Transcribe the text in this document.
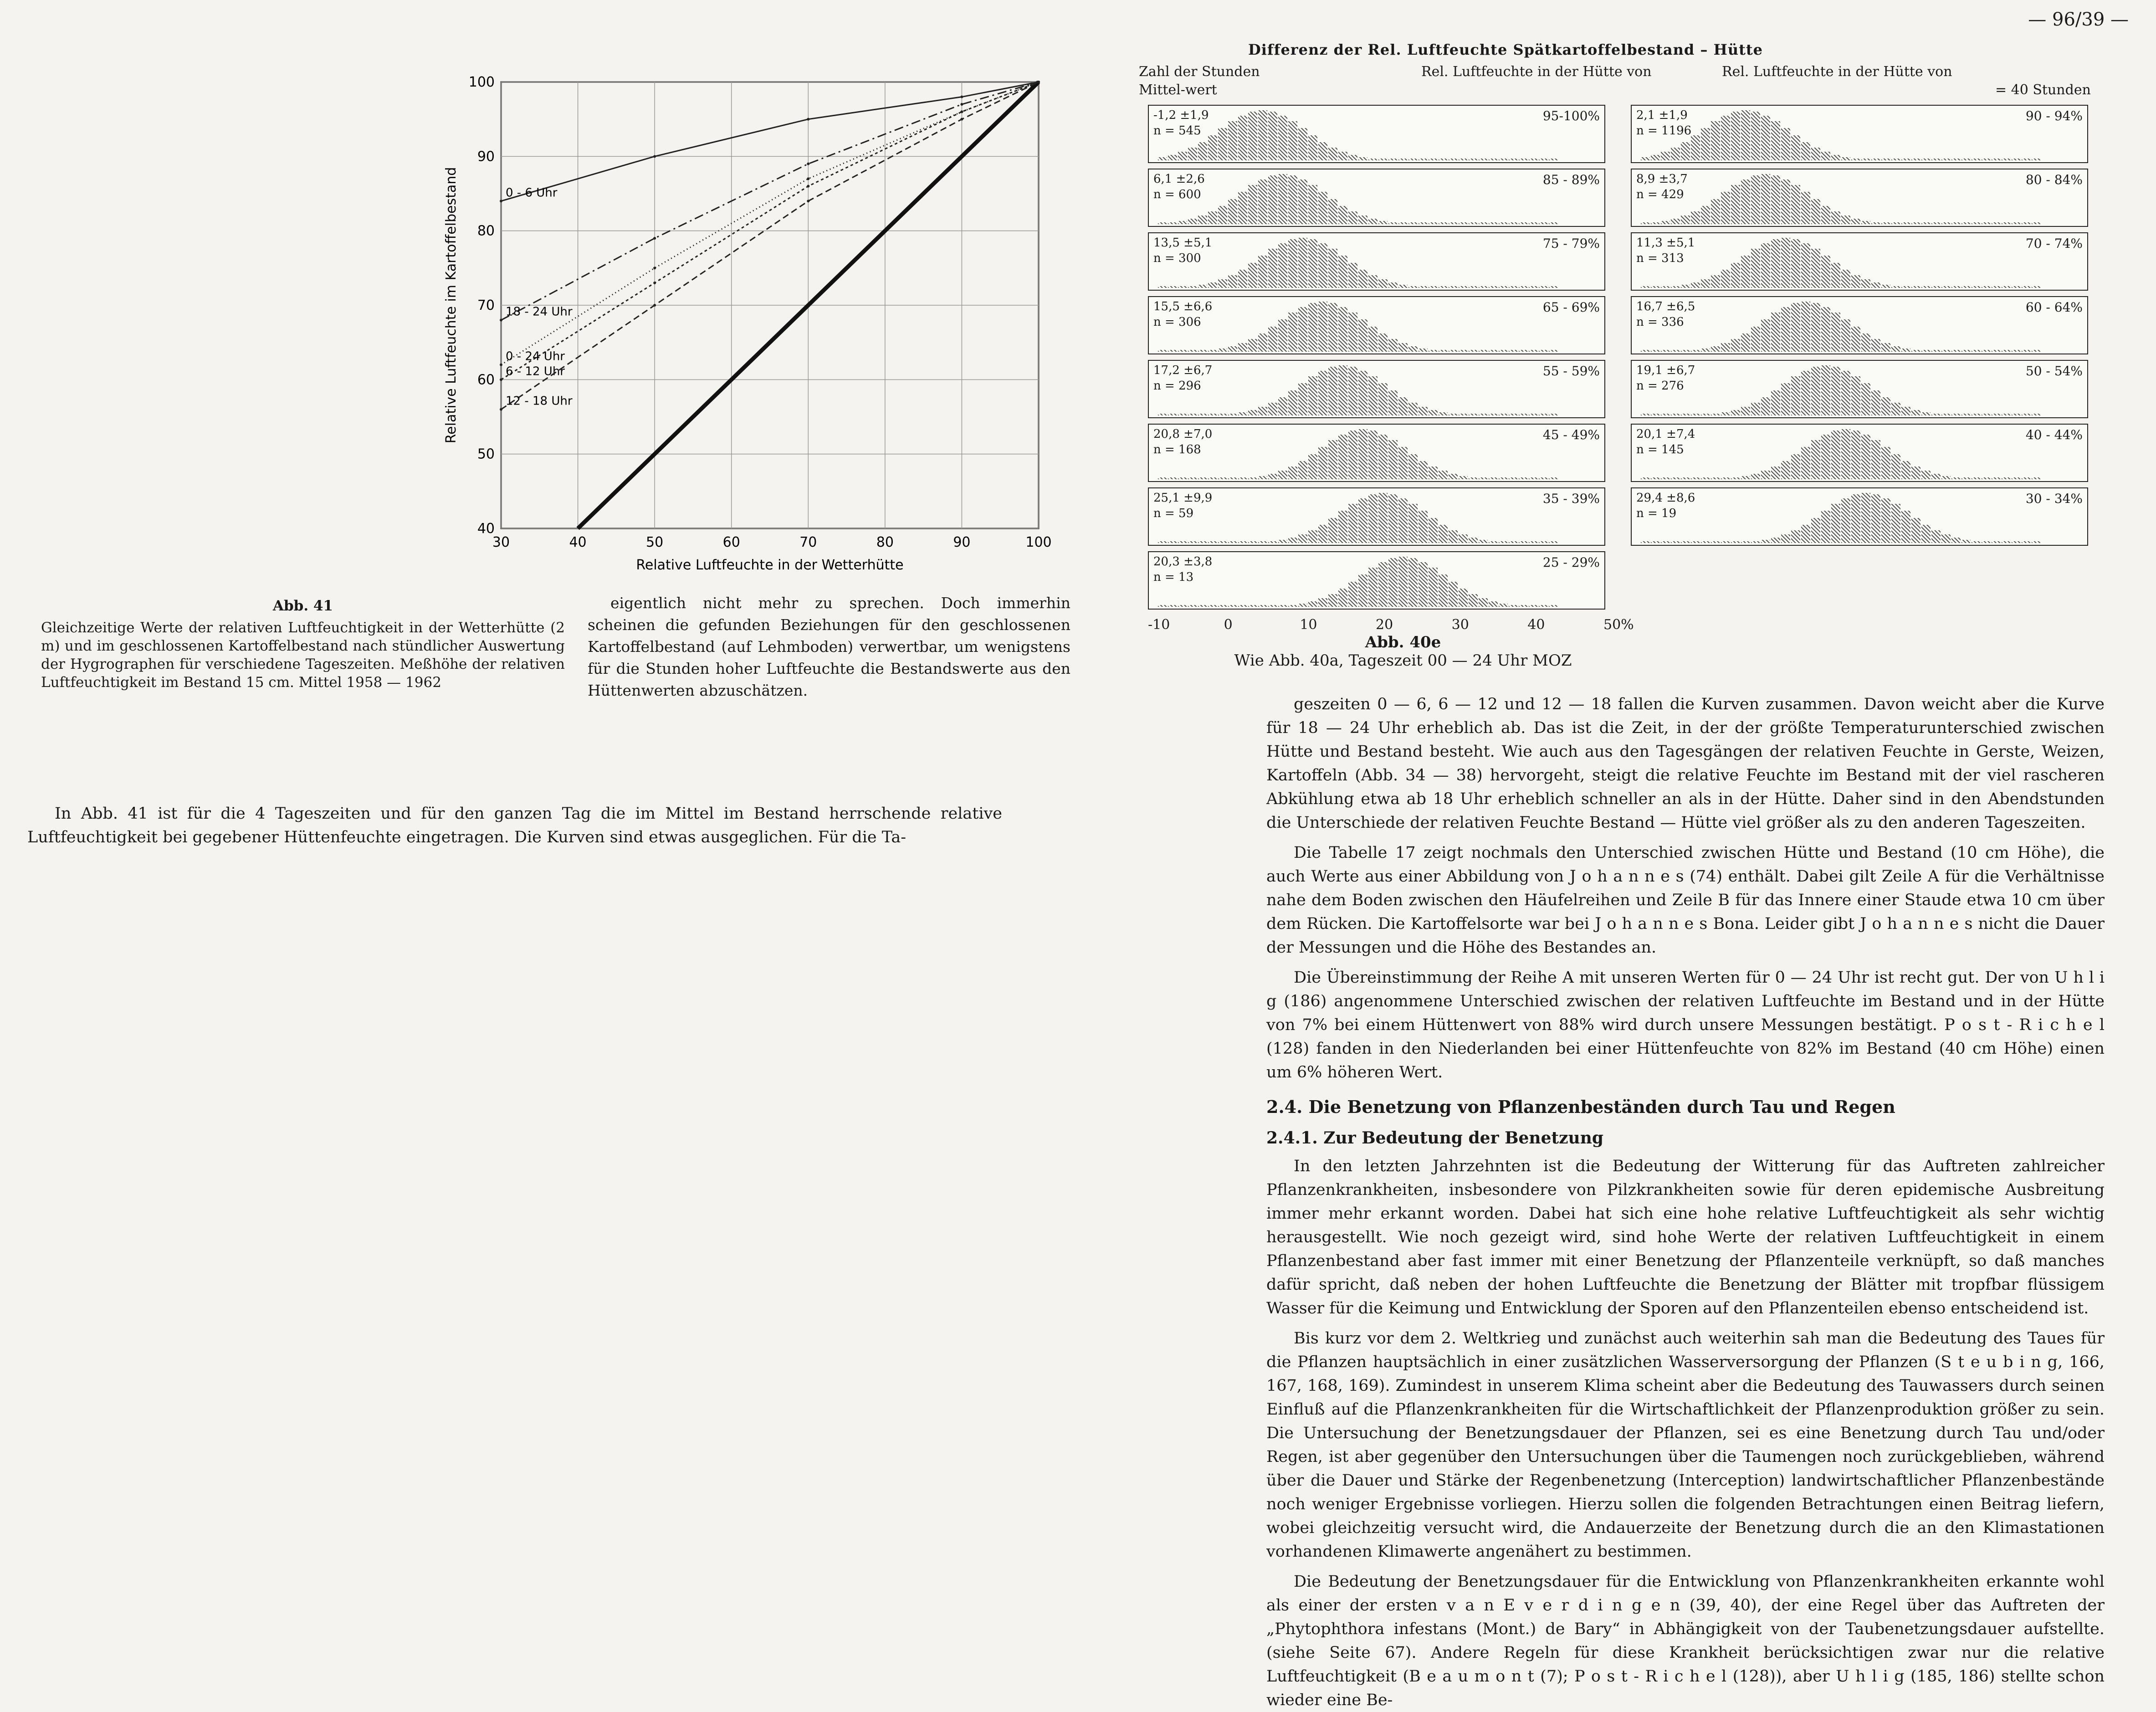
— 96/39 —
Differenz der Rel. Luftfeuchte Spätkartoffelbestand – Hütte
Zahl der Stunden	Rel. Luftfeuchte in der Hütte von	Rel. Luftfeuchte in der Hütte von
Mittel-wert	= 40 Stunden
95-100%
-1,2 ±1,9
n = 545
85 - 89%
6,1 ±2,6
n = 600
75 - 79%
13,5 ±5,1
n = 300
65 - 69%
15,5 ±6,6
n = 306
55 - 59%
17,2 ±6,7
n = 296
45 - 49%
20,8 ±7,0
n = 168
35 - 39%
25,1 ±9,9
n = 59
25 - 29%
20,3 ±3,8
n = 13
90 - 94%
2,1 ±1,9
n = 1196
80 - 84%
8,9 ±3,7
n = 429
70 - 74%
11,3 ±5,1
n = 313
60 - 64%
16,7 ±6,5
n = 336
50 - 54%
19,1 ±6,7
n = 276
40 - 44%
20,1 ±7,4
n = 145
30 - 34%
29,4 ±8,6
n = 19
-10	0	10	20	30	40	50%
Abb. 40e
Wie Abb. 40a, Tageszeit 00 — 24 Uhr MOZ

geszeiten 0 — 6, 6 — 12 und 12 — 18 fallen die Kurven zusammen. Davon weicht aber die Kurve für 18 — 24 Uhr erheblich ab. Das ist die Zeit, in der der größte Temperaturunterschied zwischen Hütte und Bestand besteht. Wie auch aus den Tagesgängen der relativen Feuchte in Gerste, Weizen, Kartoffeln (Abb. 34 — 38) hervorgeht, steigt die relative Feuchte im Bestand mit der viel rascheren Abkühlung etwa ab 18 Uhr erheblich schneller an als in der Hütte. Daher sind in den Abendstunden die Unterschiede der relativen Feuchte Bestand — Hütte viel größer als zu den anderen Tageszeiten.

Die Tabelle 17 zeigt nochmals den Unterschied zwischen Hütte und Bestand (10 cm Höhe), die auch Werte aus einer Abbildung von J o h a n n e s (74) enthält. Dabei gilt Zeile A für die Verhältnisse nahe dem Boden zwischen den Häufelreihen und Zeile B für das Innere einer Staude etwa 10 cm über dem Rücken. Die Kartoffelsorte war bei J o h a n n e s Bona. Leider gibt J o h a n n e s nicht die Dauer der Messungen und die Höhe des Bestandes an.

Die Übereinstimmung der Reihe A mit unseren Werten für 0 — 24 Uhr ist recht gut. Der von U h l i g (186) angenommene Unterschied zwischen der relativen Luftfeuchte im Bestand und in der Hütte von 7% bei einem Hüttenwert von 88% wird durch unsere Messungen bestätigt. P o s t - R i c h e l (128) fanden in den Niederlanden bei einer Hüttenfeuchte von 82% im Bestand (40 cm Höhe) einen um 6% höheren Wert.

2.4. Die Benetzung von Pflanzenbeständen durch Tau und Regen
2.4.1. Zur Bedeutung der Benetzung

In den letzten Jahrzehnten ist die Bedeutung der Witterung für das Auftreten zahlreicher Pflanzenkrankheiten, insbesondere von Pilzkrankheiten sowie für deren epidemische Ausbreitung immer mehr erkannt worden. Dabei hat sich eine hohe relative Luftfeuchtigkeit als sehr wichtig herausgestellt. Wie noch gezeigt wird, sind hohe Werte der relativen Luftfeuchtigkeit in einem Pflanzenbestand aber fast immer mit einer Benetzung der Pflanzenteile verknüpft, so daß manches dafür spricht, daß neben der hohen Luftfeuchte die Benetzung der Blätter mit tropfbar flüssigem Wasser für die Keimung und Entwicklung der Sporen auf den Pflanzenteilen ebenso entscheidend ist.

Bis kurz vor dem 2. Weltkrieg und zunächst auch weiterhin sah man die Bedeutung des Taues für die Pflanzen hauptsächlich in einer zusätzlichen Wasserversorgung der Pflanzen (S t e u b i n g, 166, 167, 168, 169). Zumindest in unserem Klima scheint aber die Bedeutung des Tauwassers durch seinen Einfluß auf die Pflanzenkrankheiten für die Wirtschaftlichkeit der Pflanzenproduktion größer zu sein. Die Untersuchung der Benetzungsdauer der Pflanzen, sei es eine Benetzung durch Tau und/oder Regen, ist aber gegenüber den Untersuchungen über die Taumengen noch zurückgeblieben, während über die Dauer und Stärke der Regenbenetzung (Interception) landwirtschaftlicher Pflanzenbestände noch weniger Ergebnisse vorliegen. Hierzu sollen die folgenden Betrachtungen einen Beitrag liefern, wobei gleichzeitig versucht wird, die Andauerzeite der Benetzung durch die an den Klimastationen vorhandenen Klimawerte angenähert zu bestimmen.

Die Bedeutung der Benetzungsdauer für die Entwicklung von Pflanzenkrankheiten erkannte wohl als einer der ersten v a n E v e r d i n g e n (39, 40), der eine Regel über das Auftreten der „Phytophthora infestans (Mont.) de Bary“ in Abhängigkeit von der Taubenetzungsdauer aufstellte. (siehe Seite 67). Andere Regeln für diese Krankheit berücksichtigen zwar nur die relative Luftfeuchtigkeit (B e a u m o n t (7); P o s t - R i c h e l (128)), aber U h l i g (185, 186) stellte schon wieder eine Be-

30	40	50	60	70	80	90	100
40
50
60
70
80
90
100
0 - 6 Uhr
6 - 12 Uhr
12 - 18 Uhr
18 - 24 Uhr
0 - 24 Uhr
Relative Luftfeuchte in der Wetterhütte
Relative Luftfeuchte im Kartoffelbestand
Abb. 41
Gleichzeitige Werte der relativen Luftfeuchtigkeit in der Wetterhütte (2 m) und im geschlossenen Kartoffelbestand nach stündlicher Auswertung der Hygrographen für verschiedene Tageszeiten. Meßhöhe der relativen Luftfeuchtigkeit im Bestand 15 cm. Mittel 1958 — 1962

eigentlich nicht mehr zu sprechen. Doch immerhin scheinen die gefunden Beziehungen für den geschlossenen Kartoffelbestand (auf Lehmboden) verwertbar, um wenigstens für die Stunden hoher Luftfeuchte die Bestandswerte aus den Hüttenwerten abzuschätzen.

In Abb. 41 ist für die 4 Tageszeiten und für den ganzen Tag die im Mittel im Bestand herrschende relative Luftfeuchtigkeit bei gegebener Hüttenfeuchte eingetragen. Die Kurven sind etwas ausgeglichen. Für die Ta-
